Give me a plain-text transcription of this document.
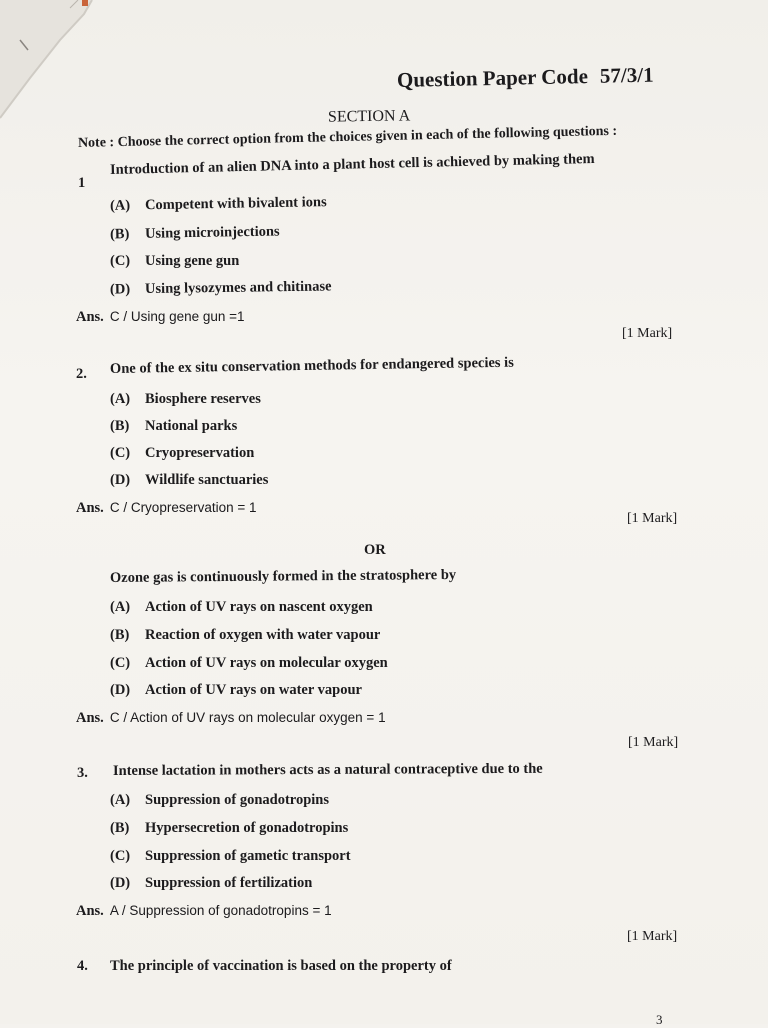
Question Paper Code 57/3/1
SECTION A
Note : Choose the correct option from the choices given in each of the following questions :
1
Introduction of an alien DNA into a plant host cell is achieved by making them
(A) Competent with bivalent ions
(B) Using microinjections
(C) Using gene gun
(D) Using lysozymes and chitinase
Ans. C / Using gene gun =1
[1 Mark]
2. One of the ex situ conservation methods for endangered species is
(A) Biosphere reserves
(B) National parks
(C) Cryopreservation
(D) Wildlife sanctuaries
Ans. C / Cryopreservation = 1
[1 Mark]
OR
Ozone gas is continuously formed in the stratosphere by
(A) Action of UV rays on nascent oxygen
(B) Reaction of oxygen with water vapour
(C) Action of UV rays on molecular oxygen
(D) Action of UV rays on water vapour
Ans. C / Action of UV rays on molecular oxygen = 1
[1 Mark]
3. Intense lactation in mothers acts as a natural contraceptive due to the
(A) Suppression of gonadotropins
(B) Hypersecretion of gonadotropins
(C) Suppression of gametic transport
(D) Suppression of fertilization
Ans. A / Suppression of gonadotropins = 1
[1 Mark]
4. The principle of vaccination is based on the property of
3
